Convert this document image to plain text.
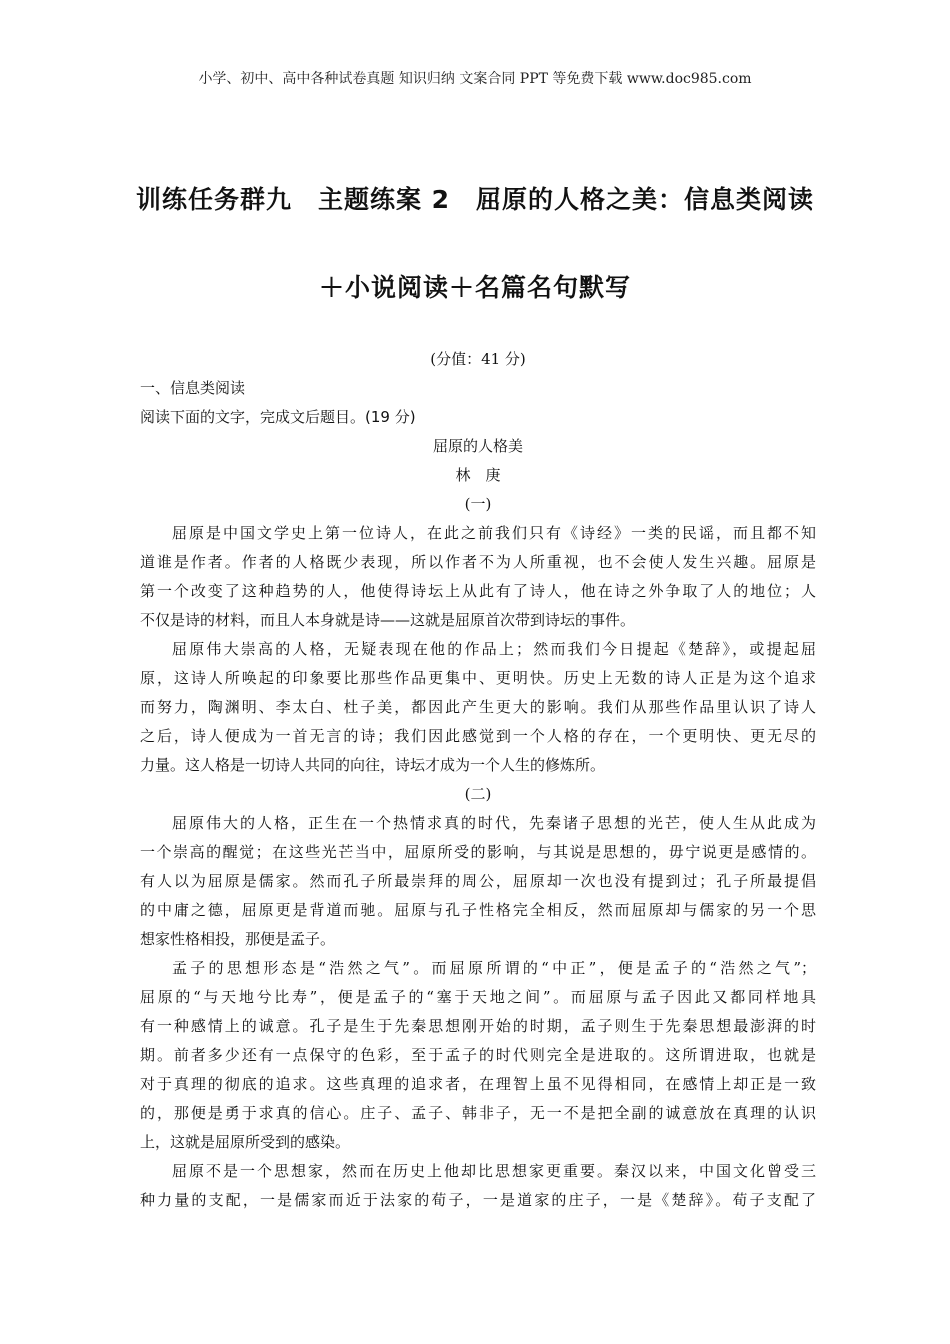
小学、初中、高中各种试卷真题 知识归纳 文案合同 PPT 等免费下载 www.doc985.com
训练任务群九　主题练案 2　屈原的人格之美：信息类阅读
＋小说阅读＋名篇名句默写
(分值：41 分)
一、信息类阅读
阅读下面的文字，完成文后题目。(19 分)
屈原的人格美
林　庚
(一)
屈原是中国文学史上第一位诗人，在此之前我们只有《诗经》一类的民谣，而且都不知
道谁是作者。作者的人格既少表现，所以作者不为人所重视，也不会使人发生兴趣。屈原是
第一个改变了这种趋势的人，他使得诗坛上从此有了诗人，他在诗之外争取了人的地位；人
不仅是诗的材料，而且人本身就是诗——这就是屈原首次带到诗坛的事件。
屈原伟大崇高的人格，无疑表现在他的作品上；然而我们今日提起《楚辞》，或提起屈
原，这诗人所唤起的印象要比那些作品更集中、更明快。历史上无数的诗人正是为这个追求
而努力，陶渊明、李太白、杜子美，都因此产生更大的影响。我们从那些作品里认识了诗人
之后，诗人便成为一首无言的诗；我们因此感觉到一个人格的存在，一个更明快、更无尽的
力量。这人格是一切诗人共同的向往，诗坛才成为一个人生的修炼所。
(二)
屈原伟大的人格，正生在一个热情求真的时代，先秦诸子思想的光芒，使人生从此成为
一个崇高的醒觉；在这些光芒当中，屈原所受的影响，与其说是思想的，毋宁说更是感情的。
有人以为屈原是儒家。然而孔子所最崇拜的周公，屈原却一次也没有提到过；孔子所最提倡
的中庸之德，屈原更是背道而驰。屈原与孔子性格完全相反，然而屈原却与儒家的另一个思
想家性格相投，那便是孟子。
孟子的思想形态是“浩然之气”。而屈原所谓的“中正”，便是孟子的“浩然之气”；
屈原的“与天地兮比寿”，便是孟子的“塞于天地之间”。而屈原与孟子因此又都同样地具
有一种感情上的诚意。孔子是生于先秦思想刚开始的时期，孟子则生于先秦思想最澎湃的时
期。前者多少还有一点保守的色彩，至于孟子的时代则完全是进取的。这所谓进取，也就是
对于真理的彻底的追求。这些真理的追求者，在理智上虽不见得相同，在感情上却正是一致
的，那便是勇于求真的信心。庄子、孟子、韩非子，无一不是把全副的诚意放在真理的认识
上，这就是屈原所受到的感染。
屈原不是一个思想家，然而在历史上他却比思想家更重要。秦汉以来，中国文化曾受三
种力量的支配，一是儒家而近于法家的荀子，一是道家的庄子，一是《楚辞》。荀子支配了
